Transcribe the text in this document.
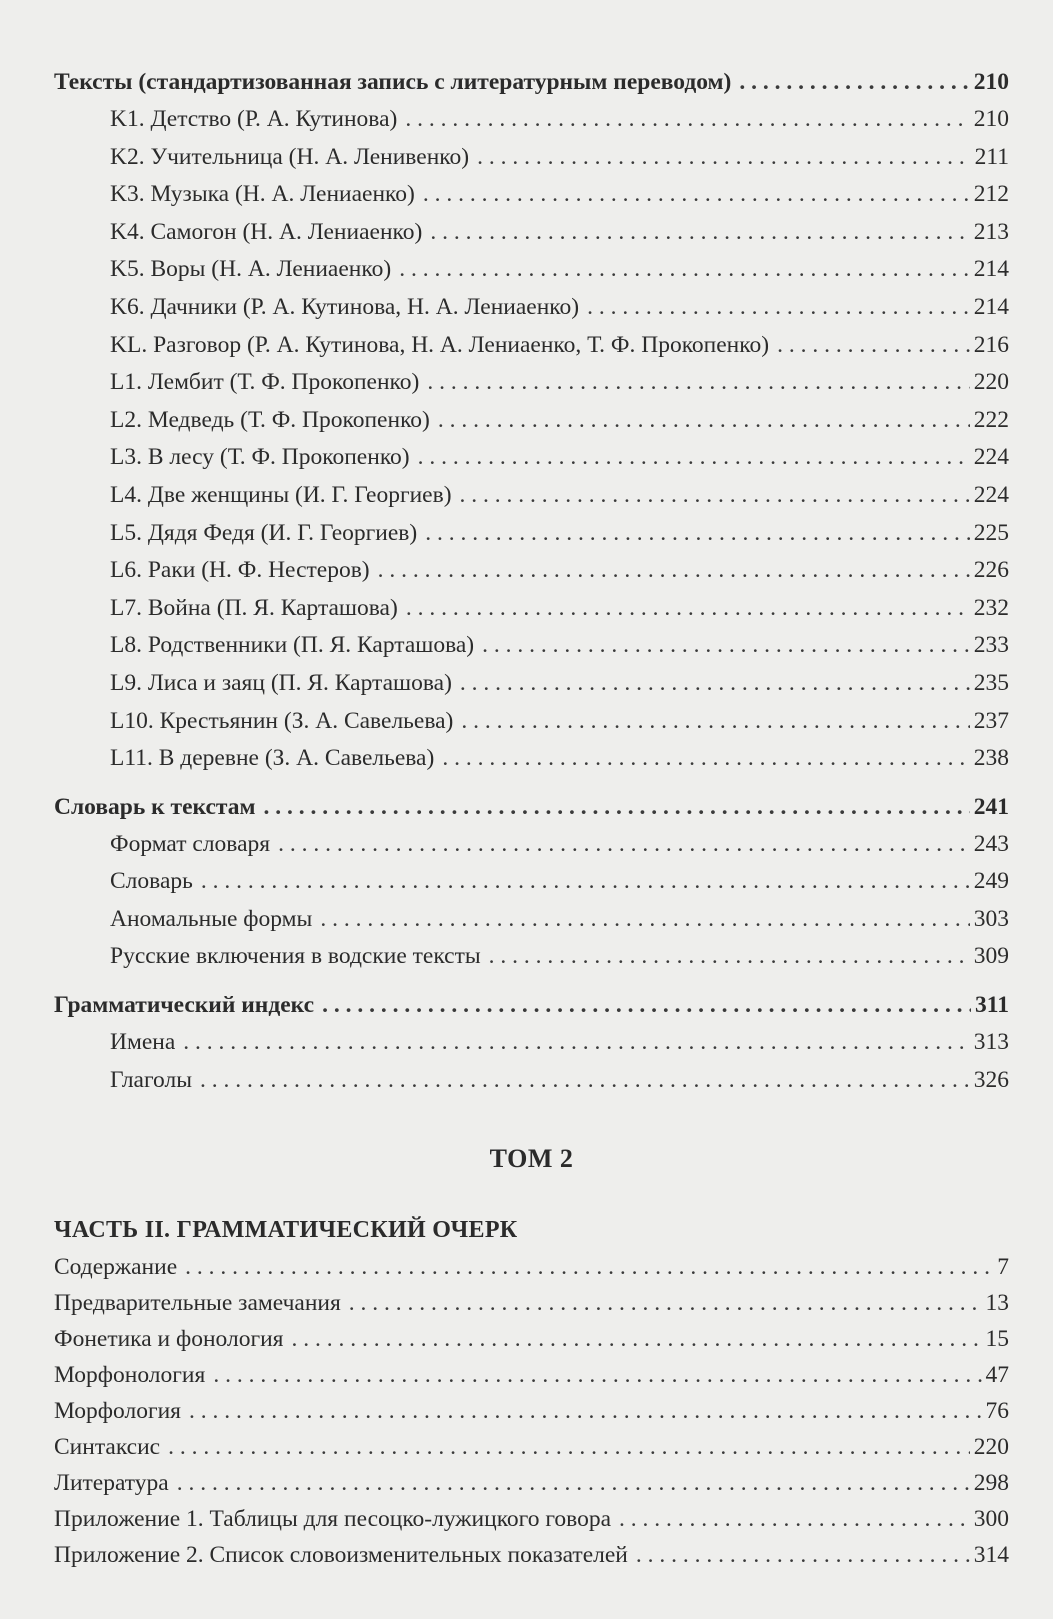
Тексты (стандартизованная запись с литературным переводом) . . .	210
K1. Детство (Р. А. Кутинова) . . .	210
K2. Учительница (Н. А. Ленивенко) . . .	211
K3. Музыка (Н. А. Лениаенко) . . .	212
K4. Самогон (Н. А. Лениаенко) . . .	213
K5. Воры (Н. А. Лениаенко) . . .	214
K6. Дачники (Р. А. Кутинова, Н. А. Лениаенко) . . .	214
KL. Разговор (Р. А. Кутинова, Н. А. Лениаенко, Т. Ф. Прокопенко) . . .	216
L1. Лембит (Т. Ф. Прокопенко) . . .	220
L2. Медведь (Т. Ф. Прокопенко) . . .	222
L3. В лесу (Т. Ф. Прокопенко) . . .	224
L4. Две женщины (И. Г. Георгиев) . . .	224
L5. Дядя Федя (И. Г. Георгиев) . . .	225
L6. Раки (Н. Ф. Нестеров) . . .	226
L7. Война (П. Я. Карташова) . . .	232
L8. Родственники (П. Я. Карташова) . . .	233
L9. Лиса и заяц (П. Я. Карташова) . . .	235
L10. Крестьянин (З. А. Савельева) . . .	237
L11. В деревне (З. А. Савельева) . . .	238
Словарь к текстам . . .	241
Формат словаря . . .	243
Словарь . . .	249
Аномальные формы . . .	303
Русские включения в водские тексты . . .	309
Грамматический индекс . . .	311
Имена . . .	313
Глаголы . . .	326
ТОМ 2
ЧАСТЬ II. ГРАММАТИЧЕСКИЙ ОЧЕРК
Содержание . . .	7
Предварительные замечания . . .	13
Фонетика и фонология . . .	15
Морфонология . . .	47
Морфология . . .	76
Синтаксис . . .	220
Литература . . .	298
Приложение 1. Таблицы для песоцко-лужицкого говора . . .	300
Приложение 2. Список словоизменительных показателей . . .	314
